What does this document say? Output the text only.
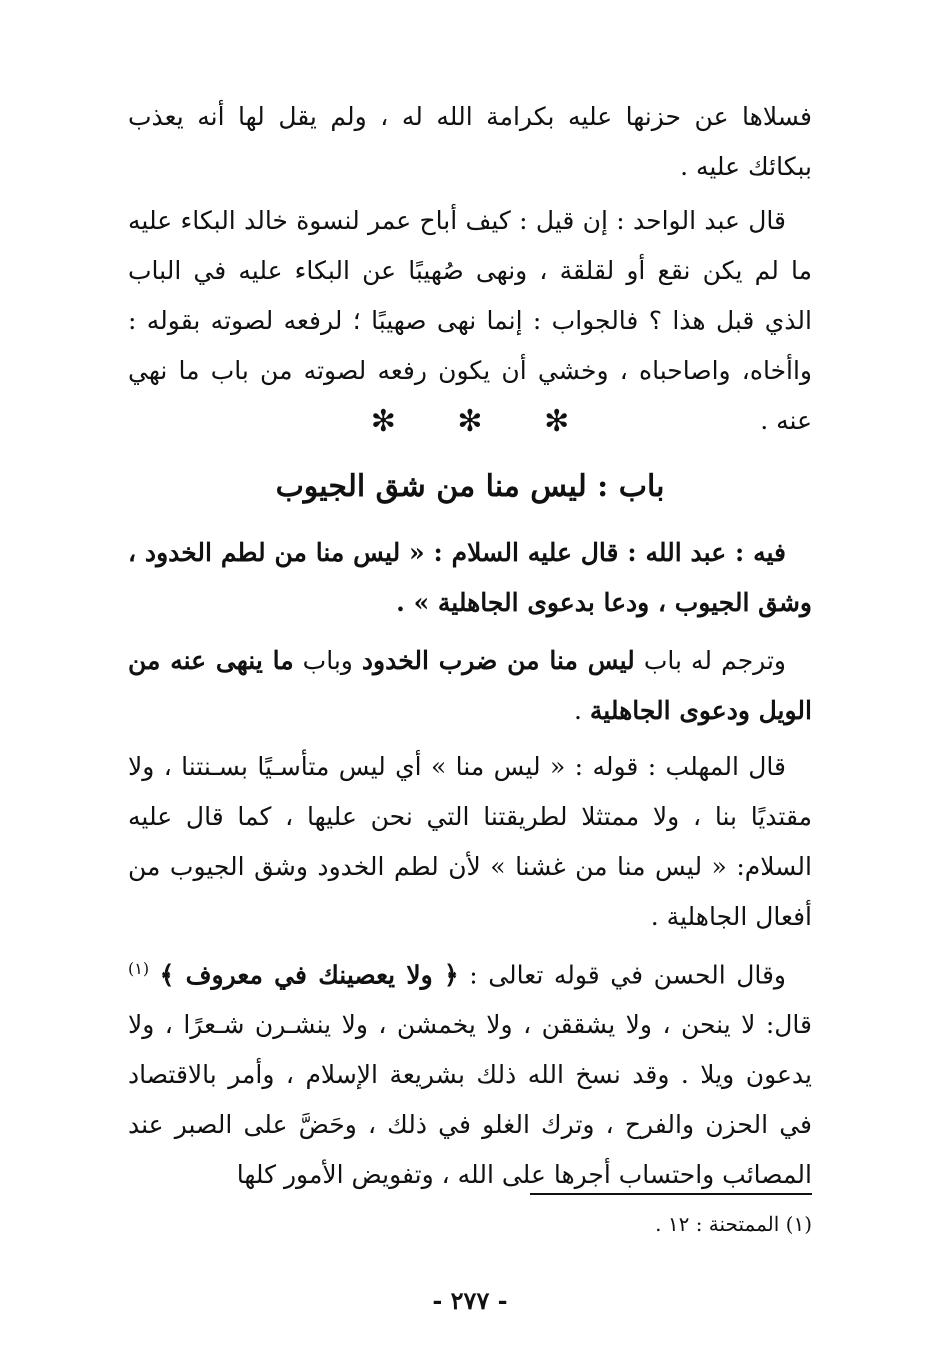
فسلاها عن حزنها عليه بكرامة الله له ، ولم يقل لها أنه يعذب ببكائك عليه .
قال عبد الواحد : إن قيل : كيف أباح عمر لنسوة خالد البكاء عليه ما لم يكن نقع أو لقلقة ، ونهى صُهيبًا عن البكاء عليه في الباب الذي قبل هذا ؟ فالجواب : إنما نهى صهيبًا ؛ لرفعه لصوته بقوله : واأخاه، واصاحباه ، وخشي أن يكون رفعه لصوته من باب ما نهي عنه .
✻ ✻ ✻
باب : ليس منا من شق الجيوب
فيه : عبد الله : قال عليه السلام : « ليس منا من لطم الخدود ، وشق الجيوب ، ودعا بدعوى الجاهلية » .
وترجم له باب ليس منا من ضرب الخدود وباب ما ينهى عنه من الويل ودعوى الجاهلية .
قال المهلب : قوله : « ليس منا » أي ليس متأسـيًا بسـنتنا ، ولا مقتديًا بنا ، ولا ممتثلا لطريقتنا التي نحن عليها ، كما قال عليه السلام: « ليس منا من غشنا » لأن لطم الخدود وشق الجيوب من أفعال الجاهلية .
وقال الحسن في قوله تعالى : ﴿ ولا يعصينك في معروف ﴾ $^{(١)}$ قال: لا ينحن ، ولا يشققن ، ولا يخمشن ، ولا ينشـرن شـعرًا ، ولا يدعون ويلا . وقد نسخ الله ذلك بشريعة الإسلام ، وأمر بالاقتصاد في الحزن والفرح ، وترك الغلو في ذلك ، وحَضَّ على الصبر عند المصائب واحتساب أجرها على الله ، وتفويض الأمور كلها
(١) الممتحنة : ١٢ .
- ٢٧٧ -
